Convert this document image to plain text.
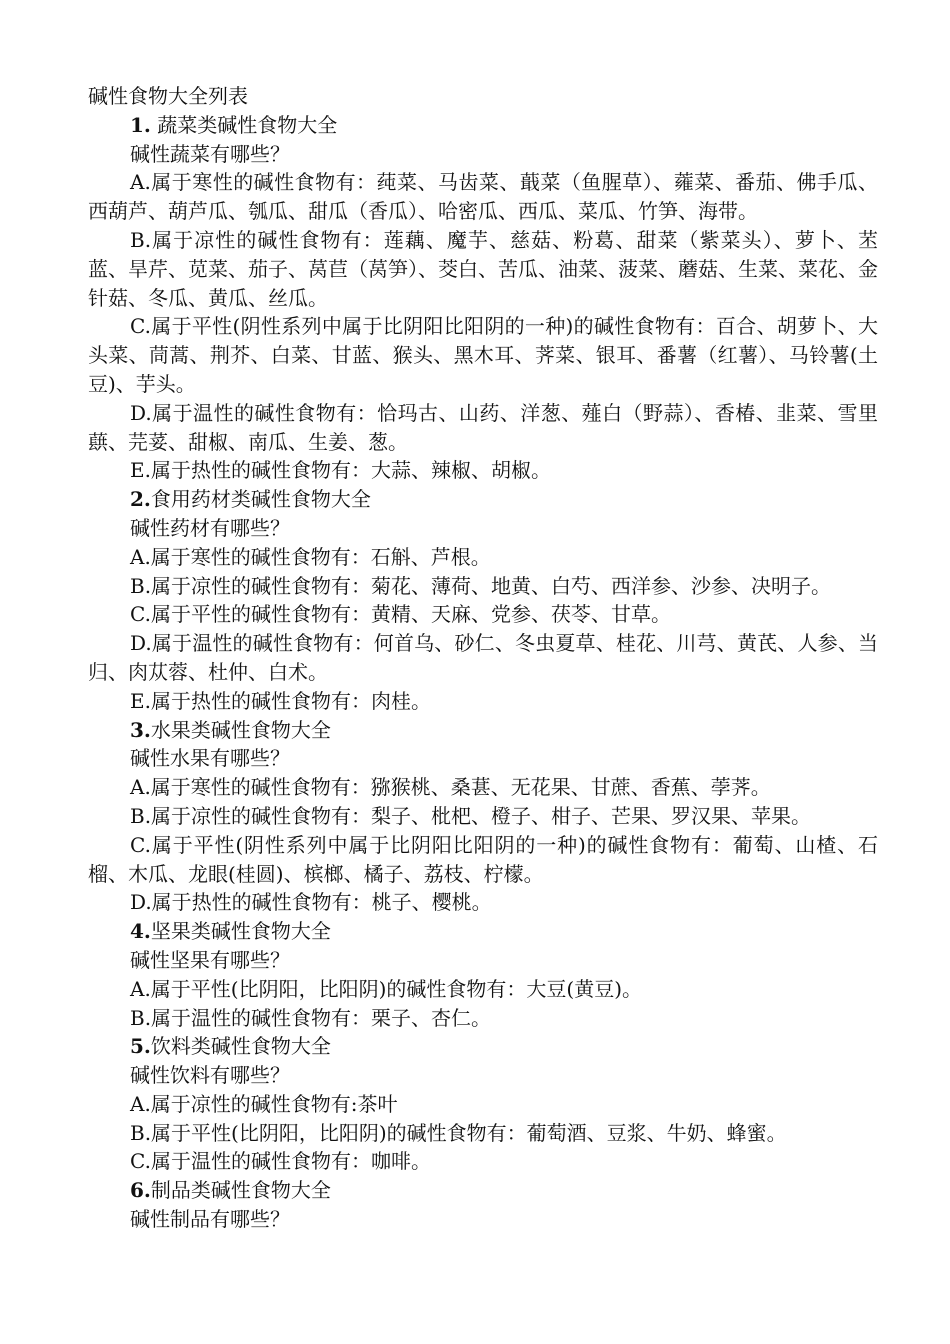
碱性食物大全列表

1. 蔬菜类碱性食物大全

碱性蔬菜有哪些？

A.属于寒性的碱性食物有：莼菜、马齿菜、蕺菜（鱼腥草）、蕹菜、番茄、佛手瓜、西葫芦、葫芦瓜、瓠瓜、甜瓜（香瓜）、哈密瓜、西瓜、菜瓜、竹笋、海带。

B.属于凉性的碱性食物有：莲藕、魔芋、慈菇、粉葛、甜菜（紫菜头）、萝卜、苤蓝、旱芹、苋菜、茄子、莴苣（莴笋）、茭白、苦瓜、油菜、菠菜、蘑菇、生菜、菜花、金针菇、冬瓜、黄瓜、丝瓜。

C.属于平性(阴性系列中属于比阴阳比阳阴的一种)的碱性食物有：百合、胡萝卜、大头菜、茼蒿、荆芥、白菜、甘蓝、猴头、黑木耳、荠菜、银耳、番薯（红薯）、马铃薯(土豆)、芋头。

D.属于温性的碱性食物有：恰玛古、山药、洋葱、薤白（野蒜）、香椿、韭菜、雪里蕻、芫荽、甜椒、南瓜、生姜、葱。

E.属于热性的碱性食物有：大蒜、辣椒、胡椒。

2.食用药材类碱性食物大全

碱性药材有哪些？

A.属于寒性的碱性食物有：石斛、芦根。

B.属于凉性的碱性食物有：菊花、薄荷、地黄、白芍、西洋参、沙参、决明子。

C.属于平性的碱性食物有：黄精、天麻、党参、茯苓、甘草。

D.属于温性的碱性食物有：何首乌、砂仁、冬虫夏草、桂花、川芎、黄芪、人参、当归、肉苁蓉、杜仲、白术。

E.属于热性的碱性食物有：肉桂。

3.水果类碱性食物大全

碱性水果有哪些？

A.属于寒性的碱性食物有：猕猴桃、桑葚、无花果、甘蔗、香蕉、荸荠。

B.属于凉性的碱性食物有：梨子、枇杷、橙子、柑子、芒果、罗汉果、苹果。

C.属于平性(阴性系列中属于比阴阳比阳阴的一种)的碱性食物有：葡萄、山楂、石榴、木瓜、龙眼(桂圆)、槟榔、橘子、荔枝、柠檬。

D.属于热性的碱性食物有：桃子、樱桃。

4.坚果类碱性食物大全

碱性坚果有哪些？

A.属于平性(比阴阳，比阳阴)的碱性食物有：大豆(黄豆)。

B.属于温性的碱性食物有：栗子、杏仁。

5.饮料类碱性食物大全

碱性饮料有哪些？

A.属于凉性的碱性食物有:茶叶

B.属于平性(比阴阳，比阳阴)的碱性食物有：葡萄酒、豆浆、牛奶、蜂蜜。

C.属于温性的碱性食物有：咖啡。

6.制品类碱性食物大全

碱性制品有哪些？
